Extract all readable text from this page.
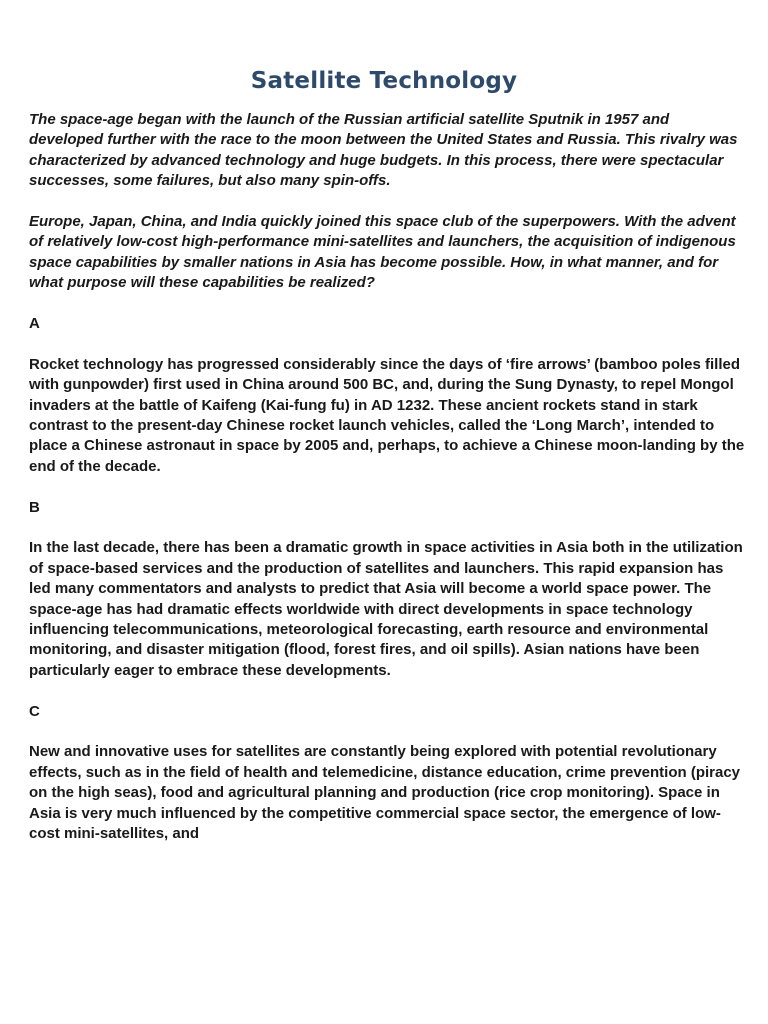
Satellite Technology

The space-age began with the launch of the Russian artificial satellite Sputnik in 1957 and developed further with the race to the moon between the United States and Russia. This rivalry was characterized by advanced technology and huge budgets. In this process, there were spectacular successes, some failures, but also many spin-offs.

Europe, Japan, China, and India quickly joined this space club of the superpowers. With the advent of relatively low-cost high-performance mini-satellites and launchers, the acquisition of indigenous space capabilities by smaller nations in Asia has become possible. How, in what manner, and for what purpose will these capabilities be realized?

A

Rocket technology has progressed considerably since the days of ‘fire arrows’ (bamboo poles filled with gunpowder) first used in China around 500 BC, and, during the Sung Dynasty, to repel Mongol invaders at the battle of Kaifeng (Kai-fung fu) in AD 1232. These ancient rockets stand in stark contrast to the present-day Chinese rocket launch vehicles, called the ‘Long March’, intended to place a Chinese astronaut in space by 2005 and, perhaps, to achieve a Chinese moon-landing by the end of the decade.

B

In the last decade, there has been a dramatic growth in space activities in Asia both in the utilization of space-based services and the production of satellites and launchers. This rapid expansion has led many commentators and analysts to predict that Asia will become a world space power. The space-age has had dramatic effects worldwide with direct developments in space technology influencing telecommunications, meteorological forecasting, earth resource and environmental monitoring, and disaster mitigation (flood, forest fires, and oil spills). Asian nations have been particularly eager to embrace these developments.

C

New and innovative uses for satellites are constantly being explored with potential revolutionary effects, such as in the field of health and telemedicine, distance education, crime prevention (piracy on the high seas), food and agricultural planning and production (rice crop monitoring). Space in Asia is very much influenced by the competitive commercial space sector, the emergence of low-cost mini-satellites, and
